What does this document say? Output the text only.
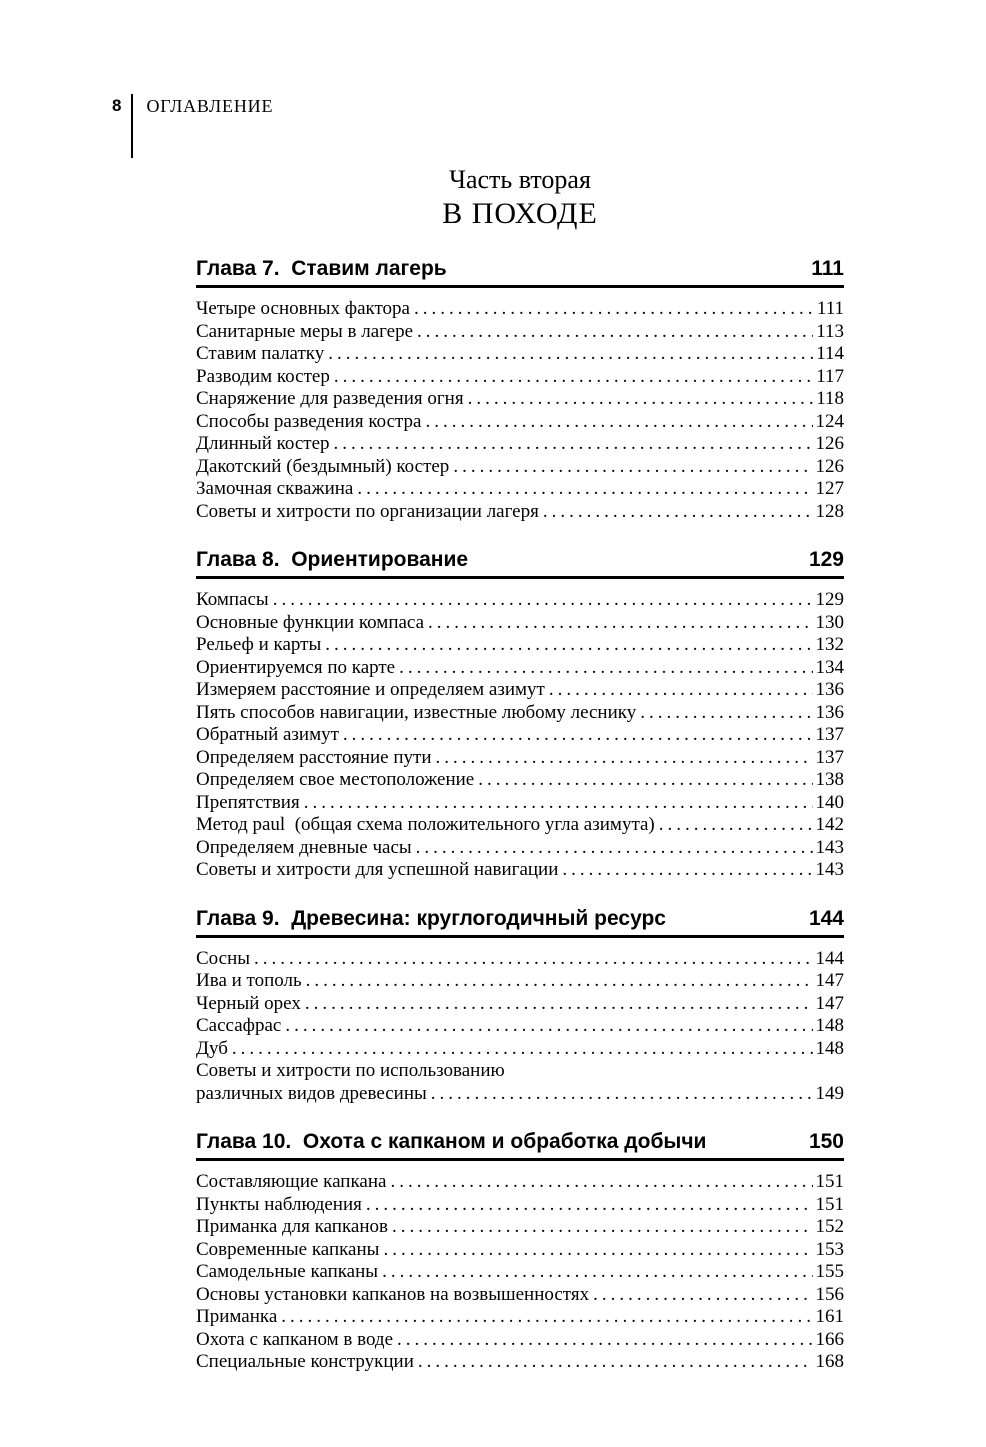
8 ОГЛАВЛЕНИЕ
Часть вторая
В ПОХОДЕ
Глава 7.  Ставим лагерь	111
Четыре основных фактора .....	111
Санитарные меры в лагере .....	113
Ставим палатку .....	114
Разводим костер .....	117
Снаряжение для разведения огня .....	118
Способы разведения костра .....	124
Длинный костер .....	126
Дакотский (бездымный) костер .....	126
Замочная скважина .....	127
Советы и хитрости по организации лагеря .....	128
Глава 8.  Ориентирование	129
Компасы .....	129
Основные функции компаса .....	130
Рельеф и карты .....	132
Ориентируемся по карте .....	134
Измеряем расстояние и определяем азимут .....	136
Пять способов навигации, известные любому леснику .....	136
Обратный азимут .....	137
Определяем расстояние пути .....	137
Определяем свое местоположение .....	138
Препятствия .....	140
Метод paul  (общая схема положительного угла азимута) .....	142
Определяем дневные часы .....	143
Советы и хитрости для успешной навигации .....	143
Глава 9.  Древесина: круглогодичный ресурс	144
Сосны .....	144
Ива и тополь .....	147
Черный орех .....	147
Сассафрас .....	148
Дуб .....	148
Советы и хитрости по использованию
различных видов древесины .....	149
Глава 10.  Охота с капканом и обработка добычи	150
Составляющие капкана .....	151
Пункты наблюдения .....	151
Приманка для капканов .....	152
Современные капканы .....	153
Самодельные капканы .....	155
Основы установки капканов на возвышенностях .....	156
Приманка .....	161
Охота с капканом в воде .....	166
Специальные конструкции .....	168
